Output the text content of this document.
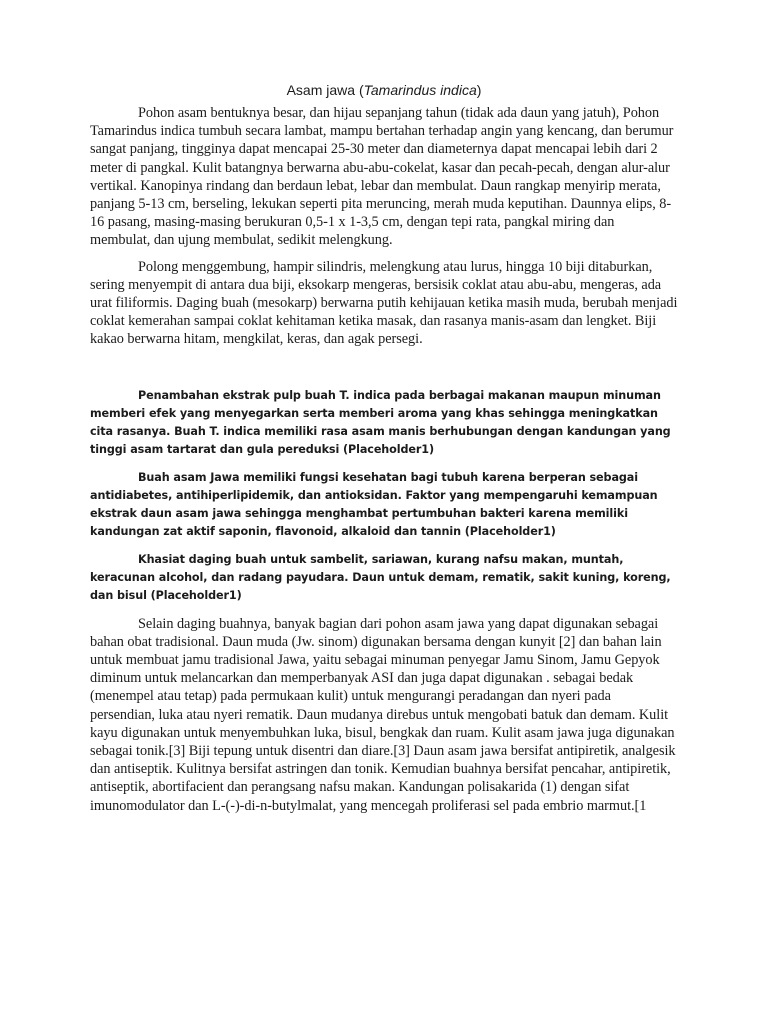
Asam jawa (Tamarindus indica)

Pohon asam bentuknya besar, dan hijau sepanjang tahun (tidak ada daun yang jatuh), Pohon Tamarindus indica tumbuh secara lambat, mampu bertahan terhadap angin yang kencang, dan berumur sangat panjang, tingginya dapat mencapai 25-30 meter dan diameternya dapat mencapai lebih dari 2 meter di pangkal. Kulit batangnya berwarna abu-abu-cokelat, kasar dan pecah-pecah, dengan alur-alur vertikal. Kanopinya rindang dan berdaun lebat, lebar dan membulat. Daun rangkap menyirip merata, panjang 5-13 cm, berseling, lekukan seperti pita meruncing, merah muda keputihan. Daunnya elips, 8-16 pasang, masing-masing berukuran 0,5-1 x 1-3,5 cm, dengan tepi rata, pangkal miring dan membulat, dan ujung membulat, sedikit melengkung.

Polong menggembung, hampir silindris, melengkung atau lurus, hingga 10 biji ditaburkan, sering menyempit di antara dua biji, eksokarp mengeras, bersisik coklat atau abu-abu, mengeras, ada urat filiformis. Daging buah (mesokarp) berwarna putih kehijauan ketika masih muda, berubah menjadi coklat kemerahan sampai coklat kehitaman ketika masak, dan rasanya manis-asam dan lengket. Biji kakao berwarna hitam, mengkilat, keras, dan agak persegi.

Penambahan ekstrak pulp buah T. indica pada berbagai makanan maupun minuman memberi efek yang menyegarkan serta memberi aroma yang khas sehingga meningkatkan cita rasanya. Buah T. indica memiliki rasa asam manis berhubungan dengan kandungan yang tinggi asam tartarat dan gula pereduksi (Placeholder1)

Buah asam Jawa memiliki fungsi kesehatan bagi tubuh karena berperan sebagai antidiabetes, antihiperlipidemik, dan antioksidan. Faktor yang mempengaruhi kemampuan ekstrak daun asam jawa sehingga menghambat pertumbuhan bakteri karena memiliki kandungan zat aktif saponin, flavonoid, alkaloid dan tannin (Placeholder1)

Khasiat daging buah untuk sambelit, sariawan, kurang nafsu makan, muntah, keracunan alcohol, dan radang payudara. Daun untuk demam, rematik, sakit kuning, koreng, dan bisul (Placeholder1)

Selain daging buahnya, banyak bagian dari pohon asam jawa yang dapat digunakan sebagai bahan obat tradisional. Daun muda (Jw. sinom) digunakan bersama dengan kunyit [2] dan bahan lain untuk membuat jamu tradisional Jawa, yaitu sebagai minuman penyegar Jamu Sinom, Jamu Gepyok diminum untuk melancarkan dan memperbanyak ASI dan juga dapat digunakan . sebagai bedak (menempel atau tetap) pada permukaan kulit) untuk mengurangi peradangan dan nyeri pada persendian, luka atau nyeri rematik. Daun mudanya direbus untuk mengobati batuk dan demam. Kulit kayu digunakan untuk menyembuhkan luka, bisul, bengkak dan ruam. Kulit asam jawa juga digunakan sebagai tonik.[3] Biji tepung untuk disentri dan diare.[3] Daun asam jawa bersifat antipiretik, analgesik dan antiseptik. Kulitnya bersifat astringen dan tonik. Kemudian buahnya bersifat pencahar, antipiretik, antiseptik, abortifacient dan perangsang nafsu makan. Kandungan polisakarida (1) dengan sifat imunomodulator dan L-(-)-di-n-butylmalat, yang mencegah proliferasi sel pada embrio marmut.[1
